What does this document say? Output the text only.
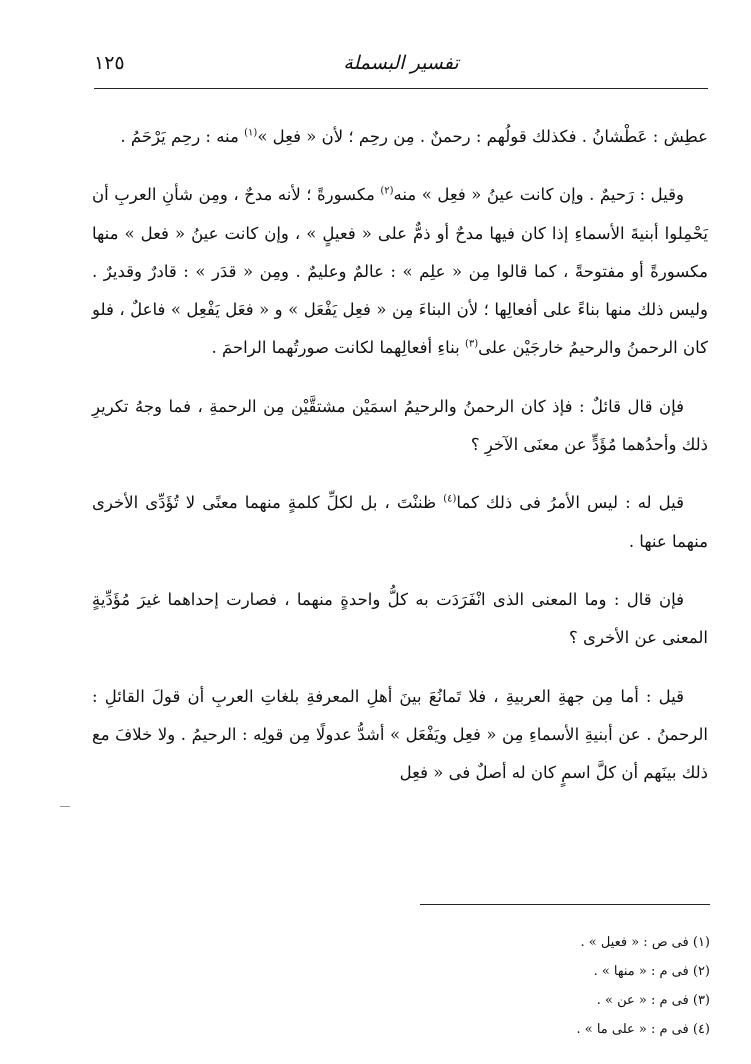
تفسير البسملة
١٢٥

عطِش : عَطْشانُ . فكذلك قولُهم : رحمنٌ . مِن رحِم ؛ لأن « فعِل »$^{(١)}$ منه : رحِم يَرْحَمُ .

وقيل : رَحيمٌ . وإن كانت عينُ « فعِل » منه$^{(٢)}$ مكسورةً ؛ لأنه مدحٌ ، ومِن شأنِ العربِ أن يَحْمِلوا أبنيةَ الأسماءِ إذا كان فيها مدحٌ أو ذمٌّ على « فعيلٍ » ، وإن كانت عينُ « فعل » منها مكسورةً أو مفتوحةً ، كما قالوا مِن « علِم » : عالمٌ وعليمٌ . ومِن « قدَر » : قادرٌ وقديرٌ . وليس ذلك منها بناءً على أفعالِها ؛ لأن البناءَ مِن « فعِل يَفْعَل » و « فعَل يَفْعِل » فاعلٌ ، فلو كان الرحمنُ والرحيمُ خارجَيْن على$^{(٣)}$ بناءِ أفعالِهما لكانت صورتُهما الراحمَ .

فإن قال قائلٌ : فإذ كان الرحمنُ والرحيمُ اسمَيْن مشتقَّيْن مِن الرحمةِ ، فما وجهُ تكريرِ ذلك وأحدُهما مُؤَدٍّ عن معنَى الآخرِ ؟

قيل له : ليس الأمرُ فى ذلك كما$^{(٤)}$ ظننْتَ ، بل لكلِّ كلمةٍ منهما معنًى لا تُؤَدِّى الأخرى منهما عنها .

فإن قال : وما المعنى الذى انْفَرَدَت به كلُّ واحدةٍ منهما ، فصارت إحداهما غيرَ مُؤَدِّيةٍ المعنى عن الأخرى ؟

قيل : أما مِن جهةِ العربيةِ ، فلا تَمانُعَ بينَ أهلِ المعرفةِ بلغاتِ العربِ أن قولَ القائلِ : الرحمنُ . عن أبنيةِ الأسماءِ مِن « فعِل ويَفْعَل » أشدُّ عدولًا مِن قولِه : الرحيمُ . ولا خلافَ مع ذلك بينَهم أن كلَّ اسمٍ كان له أصلٌ فى « فعِل

(١) فى ص : « فعيل » .

(٢) فى م : « منها » .

(٣) فى م : « عن » .

(٤) فى م : « على ما » .
